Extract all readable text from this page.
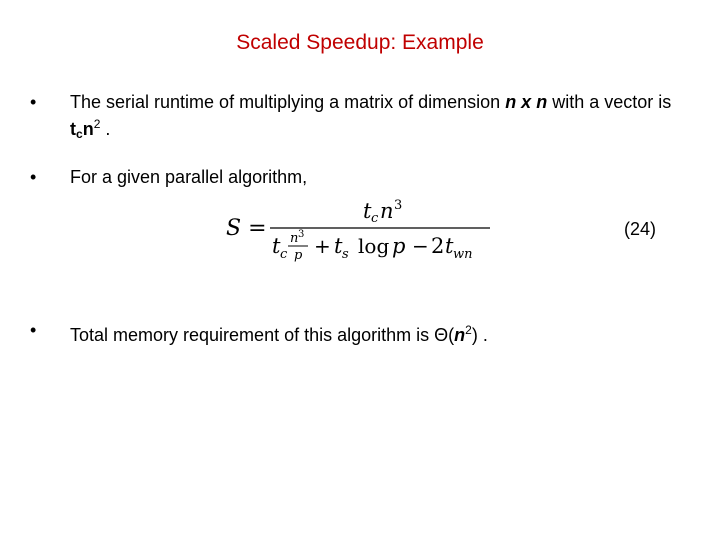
Scaled Speedup: Example
• The serial runtime of multiplying a matrix of dimension n x n with a vector is $t_cn^2$ .
• For a given parallel algorithm,
S =
t c n 3
t c
n 3
p + t s log p − 2 t wn
(24)
• Total memory requirement of this algorithm is $\Theta(n^2)$ .
